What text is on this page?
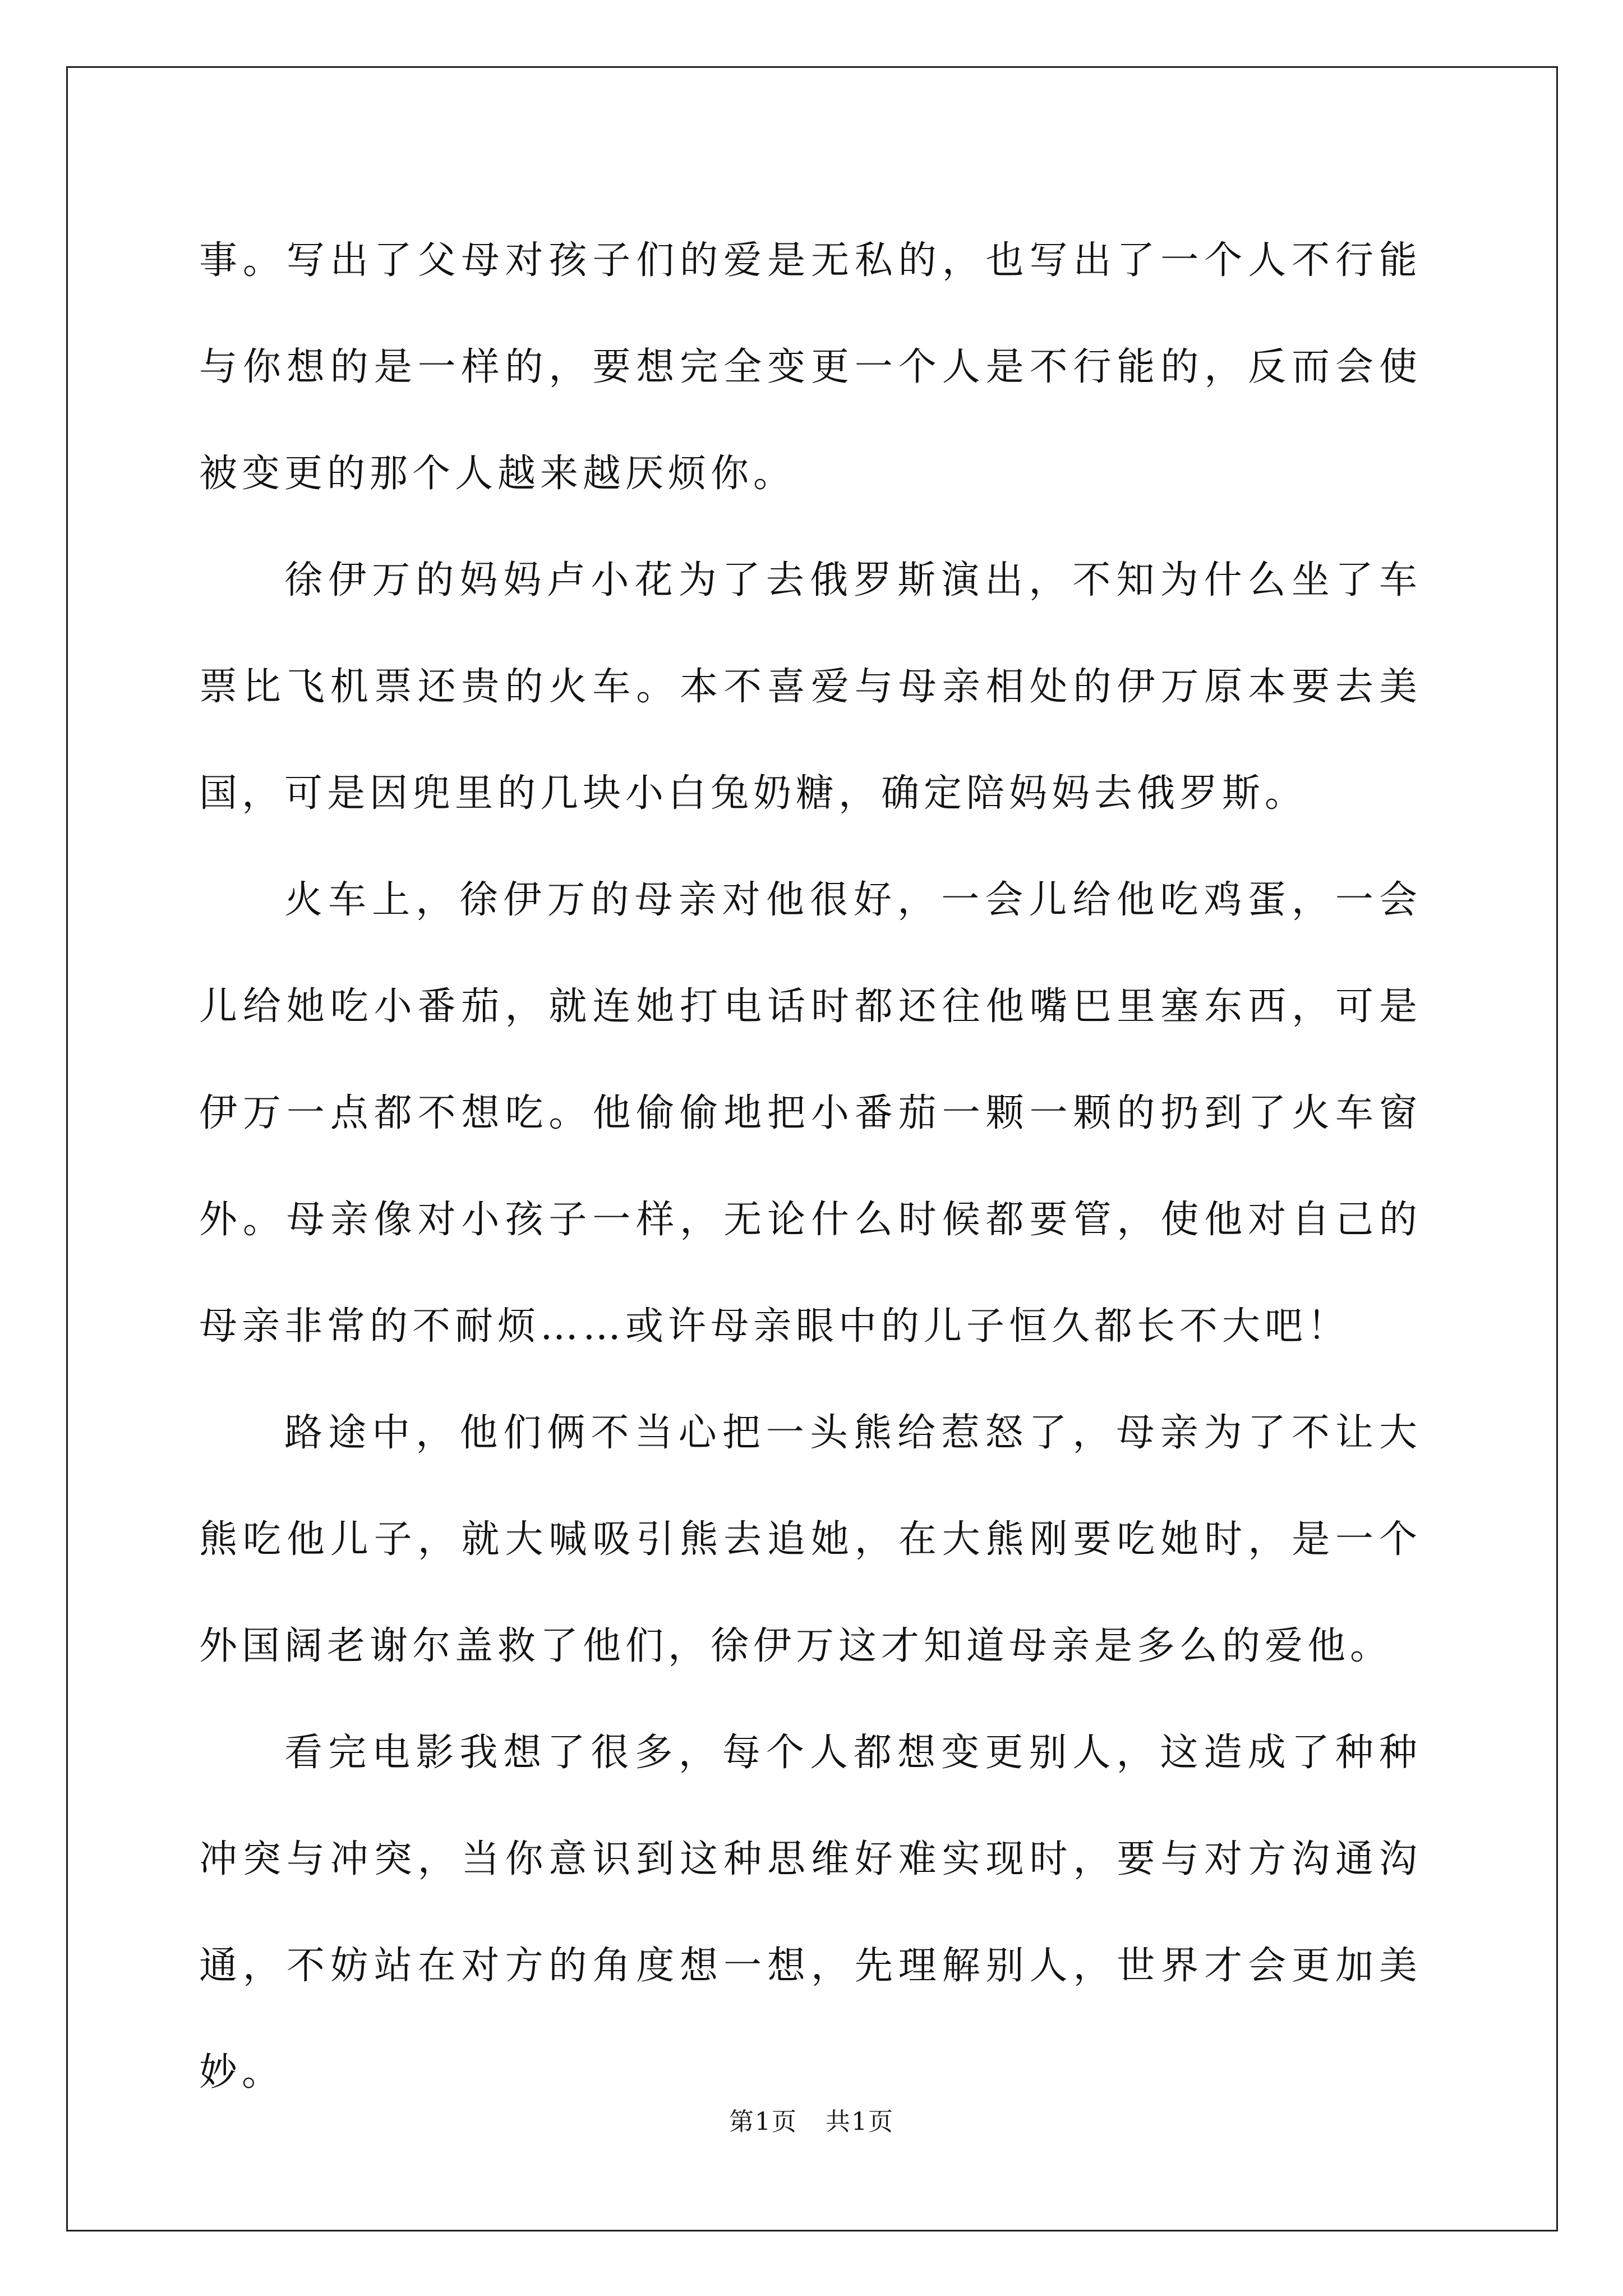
事。写出了父母对孩子们的爱是无私的，也写出了一个人不行能与你想的是一样的，要想完全变更一个人是不行能的，反而会使被变更的那个人越来越厌烦你。

徐伊万的妈妈卢小花为了去俄罗斯演出，不知为什么坐了车票比飞机票还贵的火车。本不喜爱与母亲相处的伊万原本要去美国，可是因兜里的几块小白兔奶糖，确定陪妈妈去俄罗斯。

火车上，徐伊万的母亲对他很好，一会儿给他吃鸡蛋，一会儿给她吃小番茄，就连她打电话时都还往他嘴巴里塞东西，可是伊万一点都不想吃。他偷偷地把小番茄一颗一颗的扔到了火车窗外。母亲像对小孩子一样，无论什么时候都要管，使他对自己的母亲非常的不耐烦……或许母亲眼中的儿子恒久都长不大吧！

路途中，他们俩不当心把一头熊给惹怒了，母亲为了不让大熊吃他儿子，就大喊吸引熊去追她，在大熊刚要吃她时，是一个外国阔老谢尔盖救了他们，徐伊万这才知道母亲是多么的爱他。

看完电影我想了很多，每个人都想变更别人，这造成了种种冲突与冲突，当你意识到这种思维好难实现时，要与对方沟通沟通，不妨站在对方的角度想一想，先理解别人，世界才会更加美妙。

第1页 共1页
